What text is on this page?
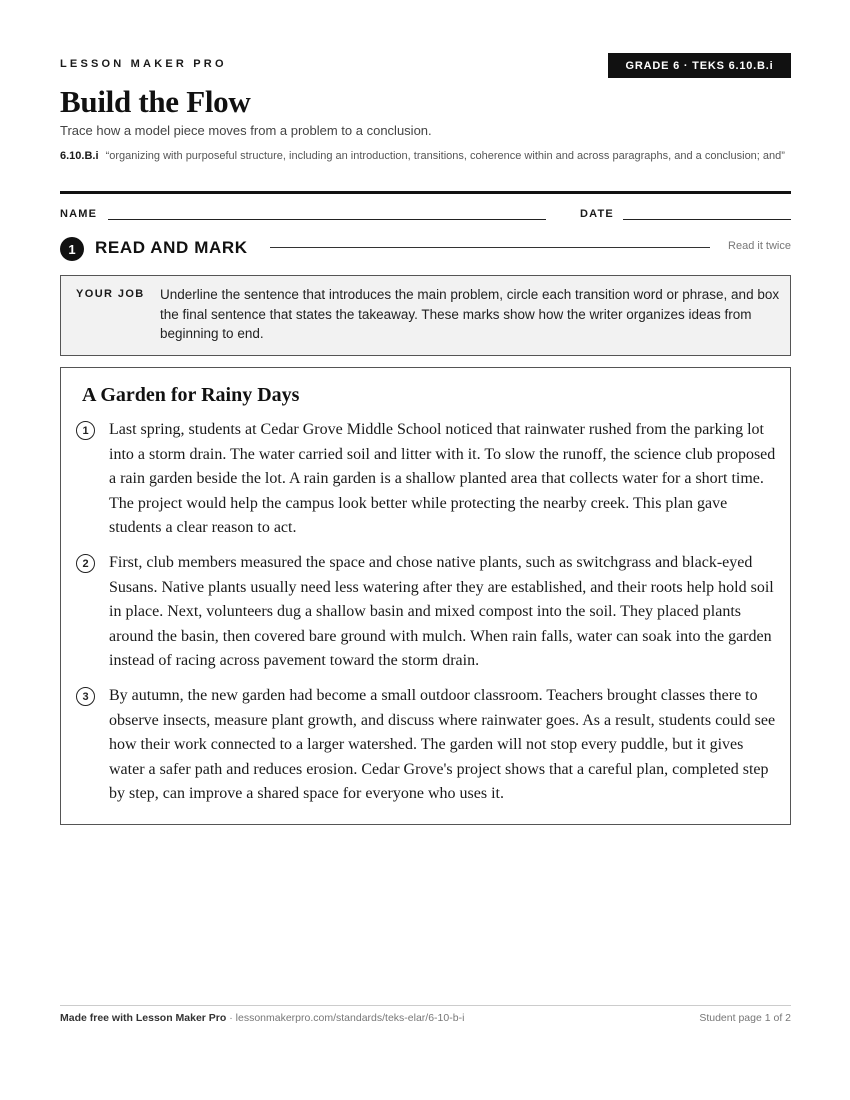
LESSON MAKER PRO	GRADE 6 · TEKS 6.10.B.i
Build the Flow
Trace how a model piece moves from a problem to a conclusion.
6.10.B.i “organizing with purposeful structure, including an introduction, transitions, coherence within and across paragraphs, and a conclusion; and”
NAME	DATE
1	READ AND MARK	Read it twice
YOUR JOB Underline the sentence that introduces the main problem, circle each transition word or phrase, and box the final sentence that states the takeaway. These marks show how the writer organizes ideas from beginning to end.
A Garden for Rainy Days
1	Last spring, students at Cedar Grove Middle School noticed that rainwater rushed from the parking lot into a storm drain. The water carried soil and litter with it. To slow the runoff, the science club proposed a rain garden beside the lot. A rain garden is a shallow planted area that collects water for a short time. The project would help the campus look better while protecting the nearby creek. This plan gave students a clear reason to act.

2	First, club members measured the space and chose native plants, such as switchgrass and black-eyed Susans. Native plants usually need less watering after they are established, and their roots help hold soil in place. Next, volunteers dug a shallow basin and mixed compost into the soil. They placed plants around the basin, then covered bare ground with mulch. When rain falls, water can soak into the garden instead of racing across pavement toward the storm drain.

3	By autumn, the new garden had become a small outdoor classroom. Teachers brought classes there to observe insects, measure plant growth, and discuss where rainwater goes. As a result, students could see how their work connected to a larger watershed. The garden will not stop every puddle, but it gives water a safer path and reduces erosion. Cedar Grove's project shows that a careful plan, completed step by step, can improve a shared space for everyone who uses it.

Made free with Lesson Maker Pro · lessonmakerpro.com/standards/teks-elar/6-10-b-i	Student page 1 of 2
